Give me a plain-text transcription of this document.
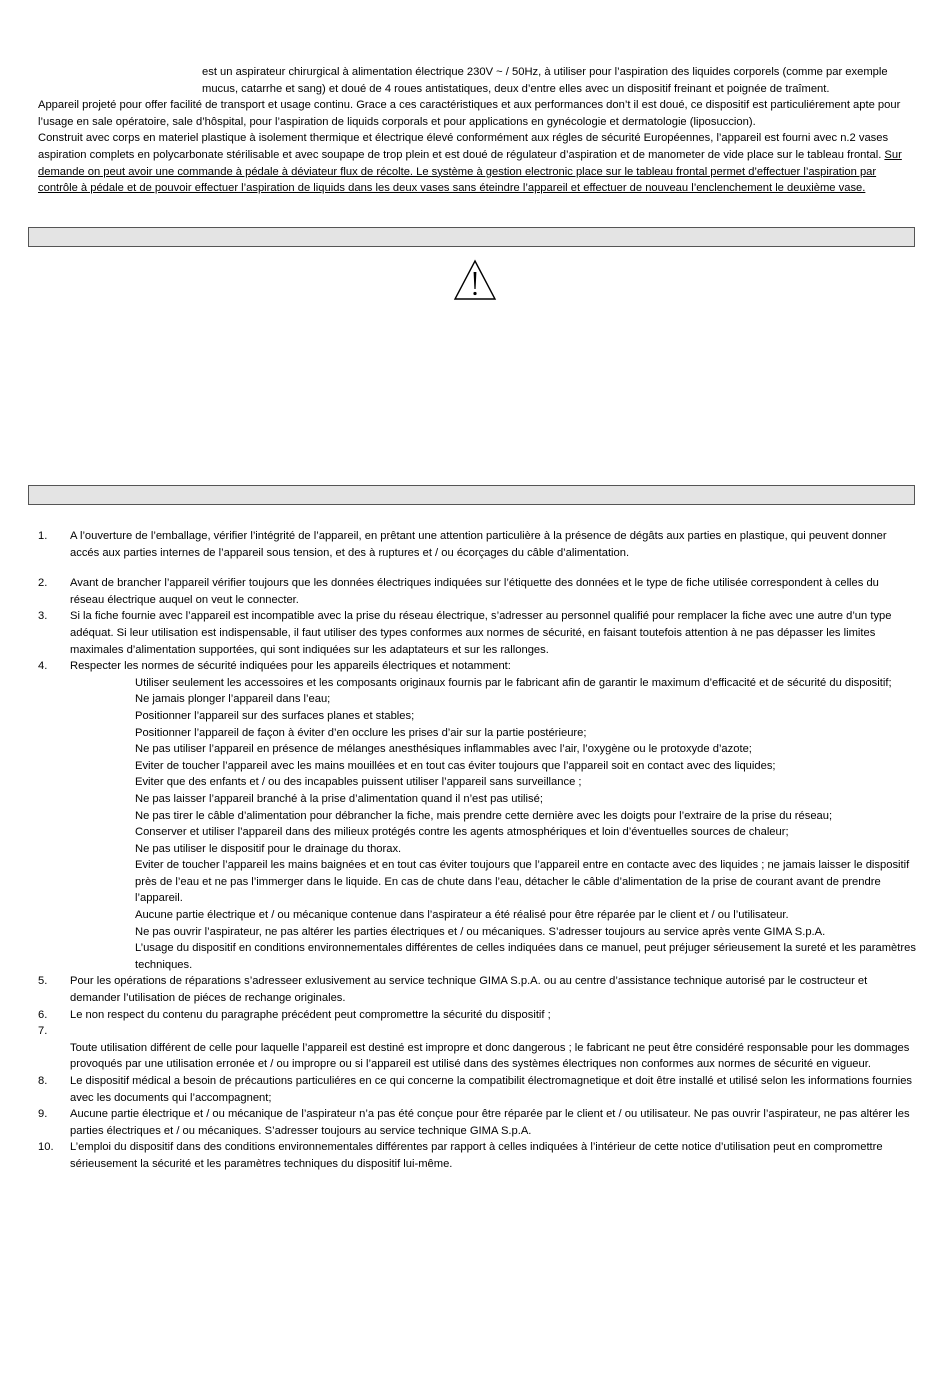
est un aspirateur chirurgical à alimentation électrique 230V ~ / 50Hz, à utiliser pour l’aspiration des liquides corporels (comme par exemple mucus, catarrhe et sang) et doué de 4 roues antistatiques, deux d’entre elles avec un dispositif freinant et poignée de traîment.

Appareil projeté pour offer facilité de transport et usage continu. Grace a ces caractéristiques et aux performances don’t il est doué, ce dispositif est particuliérement apte pour l’usage en sale opératoire, sale d’hôspital, pour l’aspiration de liquids corporals et pour applications en gynécologie et dermatologie (liposuccion).

Construit avec corps en materiel plastique à isolement thermique et électrique élevé conformément aux régles de sécurité Européennes, l’appareil est fourni avec n.2 vases aspiration complets en polycarbonate stérilisable et avec soupape de trop plein et est doué de régulateur d’aspiration et de manometer de vide place sur le tableau frontal. Sur demande on peut avoir une commande à pédale à déviateur flux de récolte. Le système à gestion electronic place sur le tableau frontal permet d’effectuer l’aspiration par contrôle à pédale et de pouvoir effectuer l’aspiration de liquids dans les deux vases sans éteindre l’appareil et effectuer de nouveau l’enclenchement le deuxième vase.

1. A l’ouverture de l’emballage, vérifier l’intégrité de l’appareil, en prêtant une attention particulière à la présence de dégâts aux parties en plastique, qui peuvent donner accés aux parties internes de l’appareil sous tension, et des à ruptures et / ou écorçages du câble d’alimentation.

2. Avant de brancher l’appareil vérifier toujours que les données électriques indiquées sur l’étiquette des données et le type de fiche utilisée correspondent à celles du réseau électrique auquel on veut le connecter.

3. Si la fiche fournie avec l’appareil est incompatible avec la prise du réseau électrique, s’adresser au personnel qualifié pour remplacer la fiche avec une autre d’un type adéquat. Si leur utilisation est indispensable, il faut utiliser des types conformes aux normes de sécurité, en faisant toutefois attention à ne pas dépasser les limites maximales d’alimentation supportées, qui sont indiquées sur les adaptateurs et sur les rallonges.

4. Respecter les normes de sécurité indiquées pour les appareils électriques et notamment:

Utiliser seulement les accessoires et les composants originaux fournis par le fabricant afin de garantir le maximum d’efficacité et de sécurité du dispositif;
Ne jamais plonger l’appareil dans l’eau;
Positionner l’appareil sur des surfaces planes et stables;
Positionner l’appareil de façon à éviter d’en occlure les prises d’air sur la partie postérieure;
Ne pas utiliser l’appareil en présence de mélanges anesthésiques inflammables avec l’air, l’oxygène ou le protoxyde d’azote;
Eviter de toucher l’appareil avec les mains mouillées et en tout cas éviter toujours que l’appareil soit en contact avec des liquides;
Eviter que des enfants et / ou des incapables puissent utiliser l’appareil sans surveillance ;
Ne pas laisser l’appareil branché à la prise d’alimentation quand il n’est pas utilisé;
Ne pas tirer le câble d’alimentation pour débrancher la fiche, mais prendre cette dernière avec les doigts pour l’extraire de la prise du réseau;
Conserver et utiliser l’appareil dans des milieux protégés contre les agents atmosphériques et loin d’éventuelles sources de chaleur;
Ne pas utiliser le dispositif pour le drainage du thorax.
Eviter de toucher l’appareil les mains baignées et en tout cas éviter toujours que l’appareil entre en contacte avec des liquides ; ne jamais laisser le dispositif près de l’eau et ne pas l’immerger dans le liquide. En cas de chute dans l’eau, détacher le câble d’alimentation de la prise de courant avant de prendre l’appareil.
Aucune partie électrique et / ou mécanique contenue dans l’aspirateur a été réalisé pour être réparée par le client et / ou l’utilisateur.
Ne pas ouvrir l’aspirateur, ne pas altérer les parties électriques et / ou mécaniques. S’adresser toujours au service après vente GIMA S.p.A.
L’usage du dispositif en conditions environnementales différentes de celles indiquées dans ce manuel, peut préjuger sérieusement la sureté et les paramètres techniques.
5. Pour les opérations de réparations s’adresseer exlusivement au service technique GIMA S.p.A. ou au centre d’assistance technique autorisé par le costructeur et demander l’utilisation de piéces de rechange originales.

6. Le non respect du contenu du paragraphe précédent peut compromettre la sécurité du dispositif ;

7.

Toute utilisation différent de celle pour laquelle l’appareil est destiné est impropre et donc dangerous ; le fabricant ne peut être considéré responsable pour les dommages provoqués par une utilisation erronée et / ou impropre ou si l’appareil est utilisé dans des systèmes électriques non conformes aux normes de sécurité en vigueur.

8. Le dispositif médical a besoin de précautions particuliéres en ce qui concerne la compatibilit électromagnetique et doit être installé et utilisé selon les informations fournies avec les documents qui l’accompagnent;

9. Aucune partie électrique et / ou mécanique de l’aspirateur n’a pas été conçue pour être réparée par le client et / ou utilisateur. Ne pas ouvrir l’aspirateur, ne pas altérer les parties électriques et / ou mécaniques. S’adresser toujours au service technique GIMA S.p.A.

10. L’emploi du dispositif dans des conditions environnementales différentes par rapport à celles indiquées à l’intérieur de cette notice d’utilisation peut en compromettre sérieusement la sécurité et les paramètres techniques du dispositif lui-même.
